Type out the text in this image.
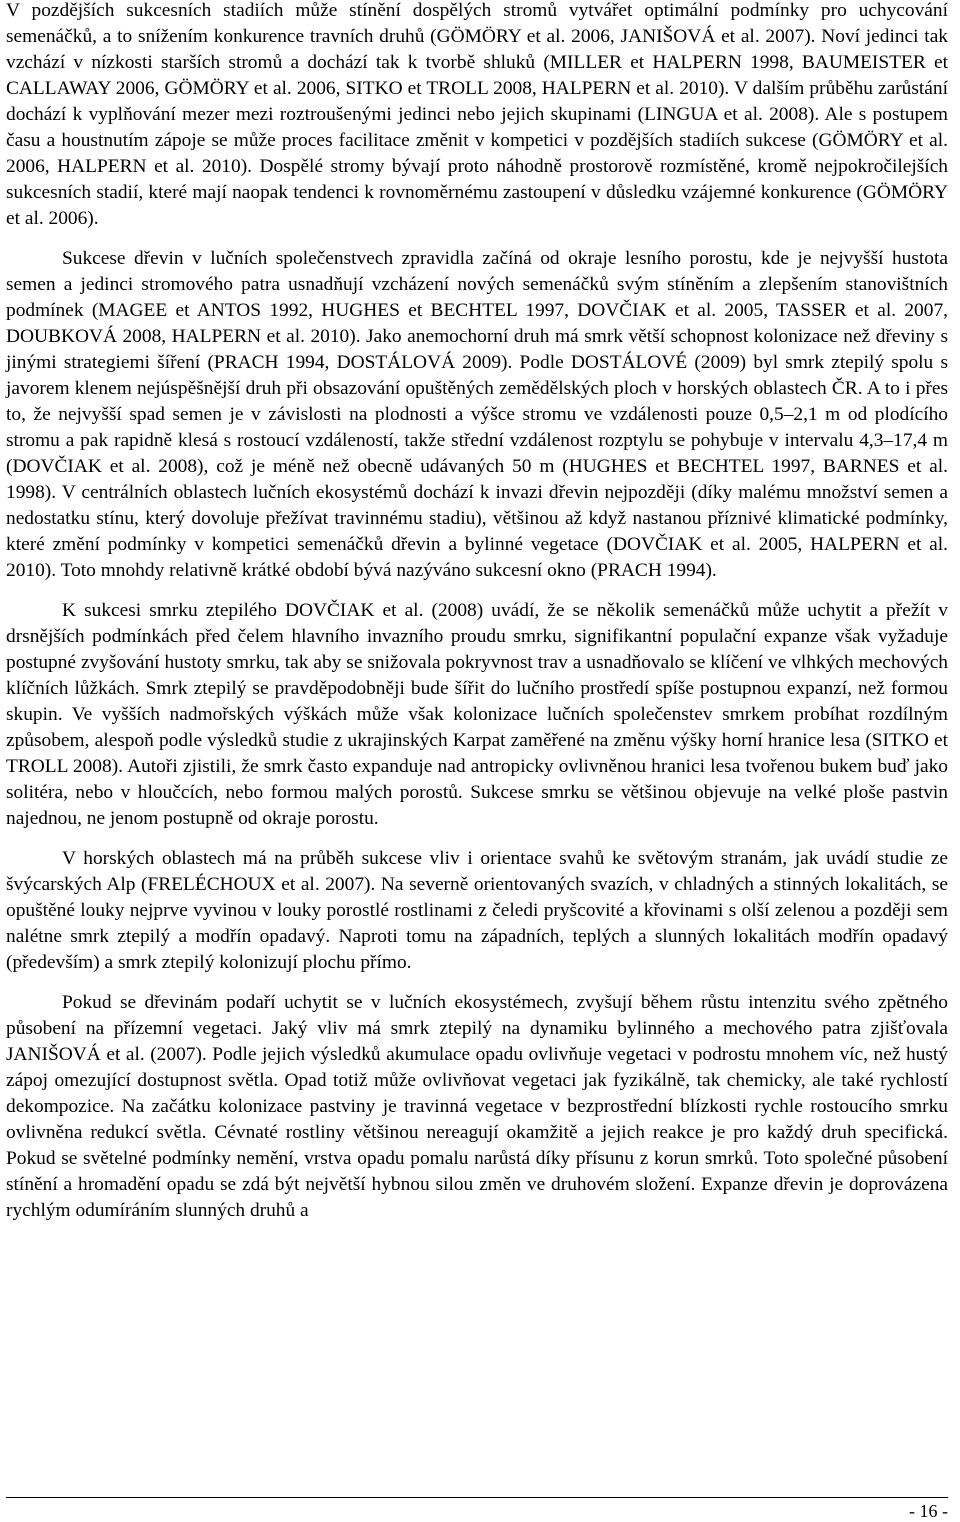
V pozdějších sukcesních stadiích může stínění dospělých stromů vytvářet optimální podmínky pro uchycování semenáčků, a to snížením konkurence travních druhů (GÖMÖRY et al. 2006, JANIŠOVÁ et al. 2007). Noví jedinci tak vzchází v nízkosti starších stromů a dochází tak k tvorbě shluků (MILLER et HALPERN 1998, BAUMEISTER et CALLAWAY 2006, GÖMÖRY et al. 2006, SITKO et TROLL 2008, HALPERN et al. 2010). V dalším průběhu zarůstání dochází k vyplňování mezer mezi roztroušenými jedinci nebo jejich skupinami (LINGUA et al. 2008). Ale s postupem času a houstnutím zápoje se může proces facilitace změnit v kompetici v pozdějších stadiích sukcese (GÖMÖRY et al. 2006, HALPERN et al. 2010). Dospělé stromy bývají proto náhodně prostorově rozmístěné, kromě nejpokročilejších sukcesních stadií, které mají naopak tendenci k rovnoměrnému zastoupení v důsledku vzájemné konkurence (GÖMÖRY et al. 2006).

Sukcese dřevin v lučních společenstvech zpravidla začíná od okraje lesního porostu, kde je nejvyšší hustota semen a jedinci stromového patra usnadňují vzcházení nových semenáčků svým stíněním a zlepšením stanovištních podmínek (MAGEE et ANTOS 1992, HUGHES et BECHTEL 1997, DOVČIAK et al. 2005, TASSER et al. 2007, DOUBKOVÁ 2008, HALPERN et al. 2010). Jako anemochorní druh má smrk větší schopnost kolonizace než dřeviny s jinými strategiemi šíření (PRACH 1994, DOSTÁLOVÁ 2009). Podle DOSTÁLOVÉ (2009) byl smrk ztepilý spolu s javorem klenem nejúspěšnější druh při obsazování opuštěných zemědělských ploch v horských oblastech ČR. A to i přes to, že nejvyšší spad semen je v závislosti na plodnosti a výšce stromu ve vzdálenosti pouze 0,5–2,1 m od plodícího stromu a pak rapidně klesá s rostoucí vzdáleností, takže střední vzdálenost rozptylu se pohybuje v intervalu 4,3–17,4 m (DOVČIAK et al. 2008), což je méně než obecně udávaných 50 m (HUGHES et BECHTEL 1997, BARNES et al. 1998). V centrálních oblastech lučních ekosystémů dochází k invazi dřevin nejpozději (díky malému množství semen a nedostatku stínu, který dovoluje přežívat travinnému stadiu), většinou až když nastanou příznivé klimatické podmínky, které změní podmínky v kompetici semenáčků dřevin a bylinné vegetace (DOVČIAK et al. 2005, HALPERN et al. 2010). Toto mnohdy relativně krátké období bývá nazýváno sukcesní okno (PRACH 1994).

K sukcesi smrku ztepilého DOVČIAK et al. (2008) uvádí, že se několik semenáčků může uchytit a přežít v drsnějších podmínkách před čelem hlavního invazního proudu smrku, signifikantní populační expanze však vyžaduje postupné zvyšování hustoty smrku, tak aby se snižovala pokryvnost trav a usnadňovalo se klíčení ve vlhkých mechových klíčních lůžkách. Smrk ztepilý se pravděpodobněji bude šířit do lučního prostředí spíše postupnou expanzí, než formou skupin. Ve vyšších nadmořských výškách může však kolonizace lučních společenstev smrkem probíhat rozdílným způsobem, alespoň podle výsledků studie z ukrajinských Karpat zaměřené na změnu výšky horní hranice lesa (SITKO et TROLL 2008). Autoři zjistili, že smrk často expanduje nad antropicky ovlivněnou hranici lesa tvořenou bukem buď jako solitéra, nebo v hloučcích, nebo formou malých porostů. Sukcese smrku se většinou objevuje na velké ploše pastvin najednou, ne jenom postupně od okraje porostu.

V horských oblastech má na průběh sukcese vliv i orientace svahů ke světovým stranám, jak uvádí studie ze švýcarských Alp (FRELÉCHOUX et al. 2007). Na severně orientovaných svazích, v chladných a stinných lokalitách, se opuštěné louky nejprve vyvinou v louky porostlé rostlinami z čeledi pryšcovité a křovinami s olší zelenou a později sem nalétne smrk ztepilý a modřín opadavý. Naproti tomu na západních, teplých a slunných lokalitách modřín opadavý (především) a smrk ztepilý kolonizují plochu přímo.

Pokud se dřevinám podaří uchytit se v lučních ekosystémech, zvyšují během růstu intenzitu svého zpětného působení na přízemní vegetaci. Jaký vliv má smrk ztepilý na dynamiku bylinného a mechového patra zjišťovala JANIŠOVÁ et al. (2007). Podle jejich výsledků akumulace opadu ovlivňuje vegetaci v podrostu mnohem víc, než hustý zápoj omezující dostupnost světla. Opad totiž může ovlivňovat vegetaci jak fyzikálně, tak chemicky, ale také rychlostí dekompozice. Na začátku kolonizace pastviny je travinná vegetace v bezprostřední blízkosti rychle rostoucího smrku ovlivněna redukcí světla. Cévnaté rostliny většinou nereagují okamžitě a jejich reakce je pro každý druh specifická. Pokud se světelné podmínky nemění, vrstva opadu pomalu narůstá díky přísunu z korun smrků. Toto společné působení stínění a hromadění opadu se zdá být největší hybnou silou změn ve druhovém složení. Expanze dřevin je doprovázena rychlým odumíráním slunných druhů a

- 16 -
